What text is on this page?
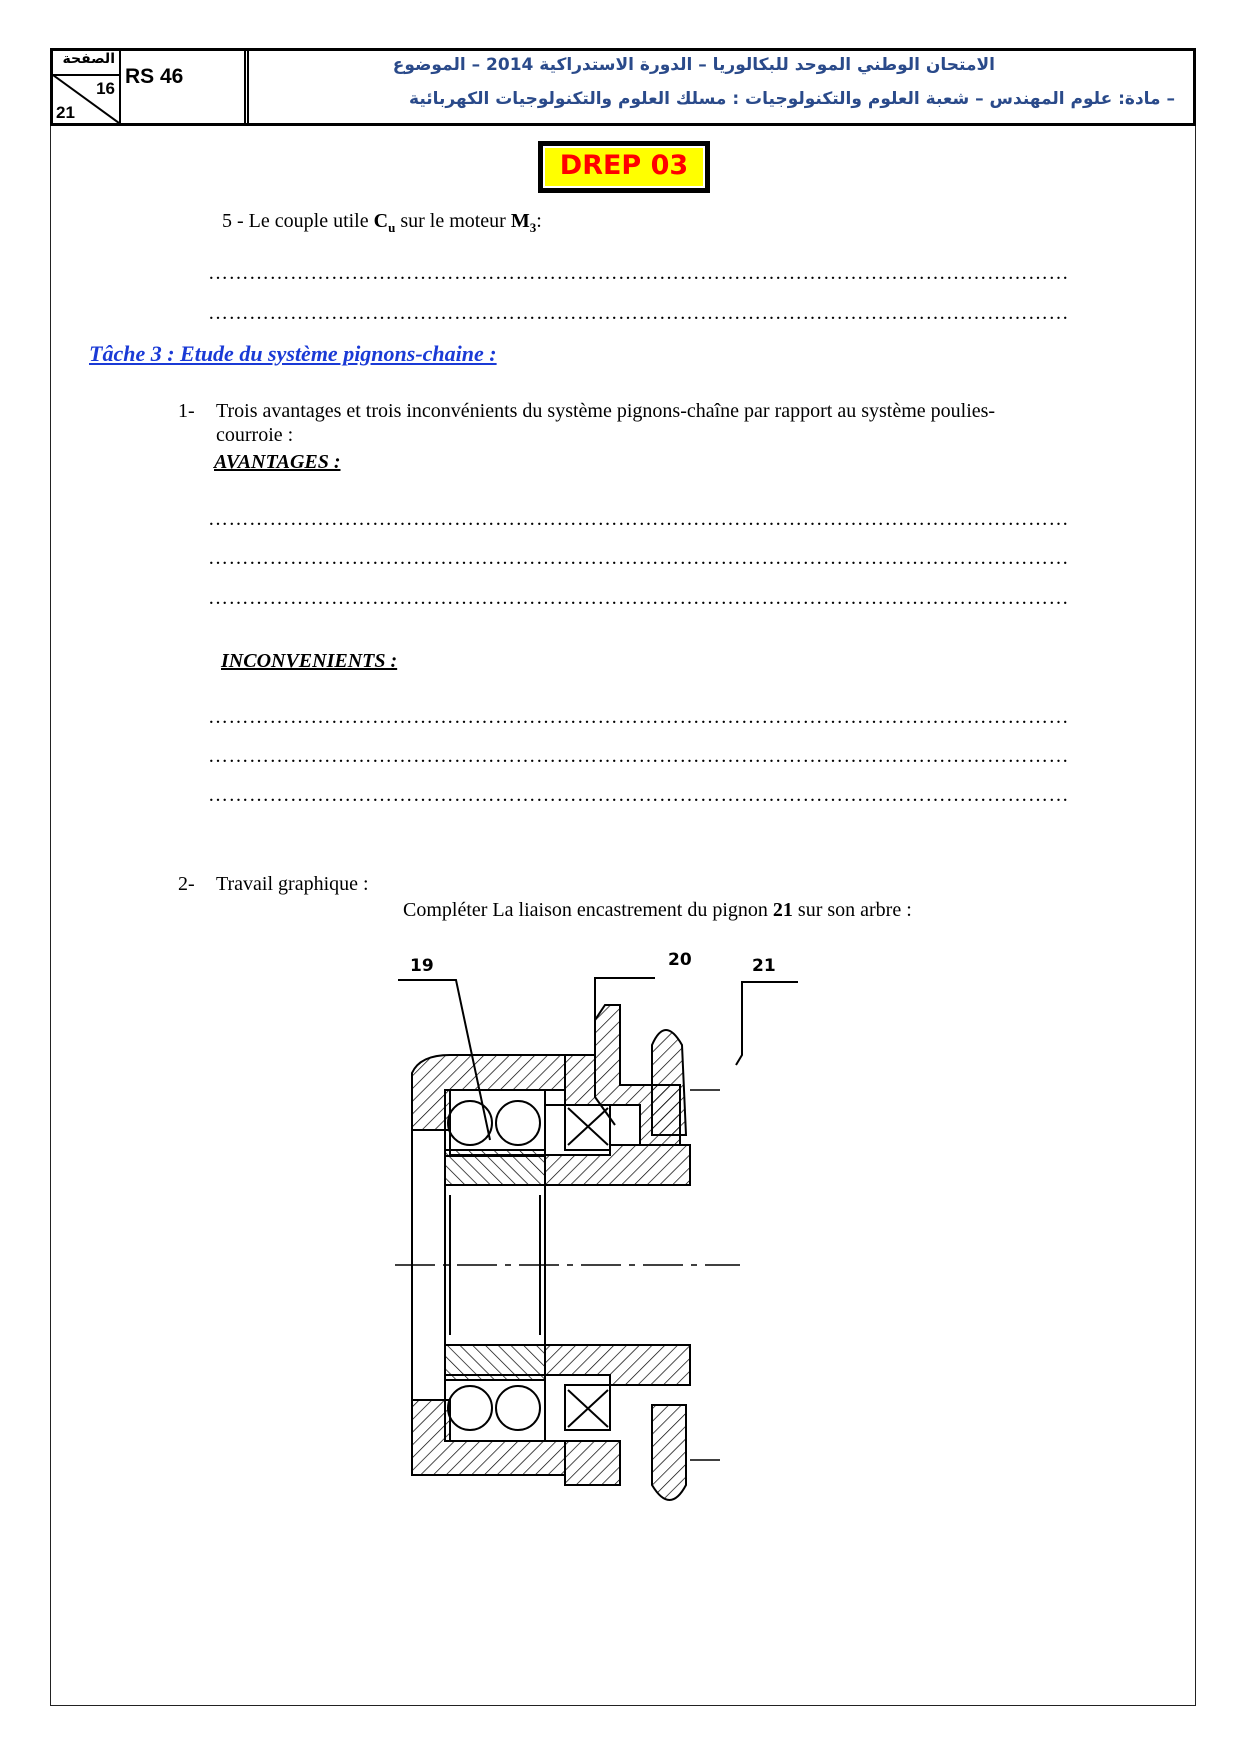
الصفحة
16
21
RS 46	الامتحان الوطني الموحد للبكالوريا – الدورة الاستدراكية 2014 – الموضوع
– مادة: علوم المهندس – شعبة العلوم والتكنولوجيات : مسلك العلوم والتكنولوجيات الكهربائية
DREP 03
5 - Le couple utile $C_u$ sur le moteur $M_3$:
………………………………………………………………………………………………………………
………………………………………………………………………………………………………………
Tâche 3 : Etude du système pignons-chaine :
1- Trois avantages et trois inconvénients du système pignons-chaîne par rapport au système poulies-
courroie :
AVANTAGES :
………………………………………………………………………………………………………………
………………………………………………………………………………………………………………
………………………………………………………………………………………………………………
INCONVENIENTS :
………………………………………………………………………………………………………………
………………………………………………………………………………………………………………
………………………………………………………………………………………………………………
2- Travail graphique :
Compléter La liaison encastrement du pignon 21 sur son arbre :
19	20	21
